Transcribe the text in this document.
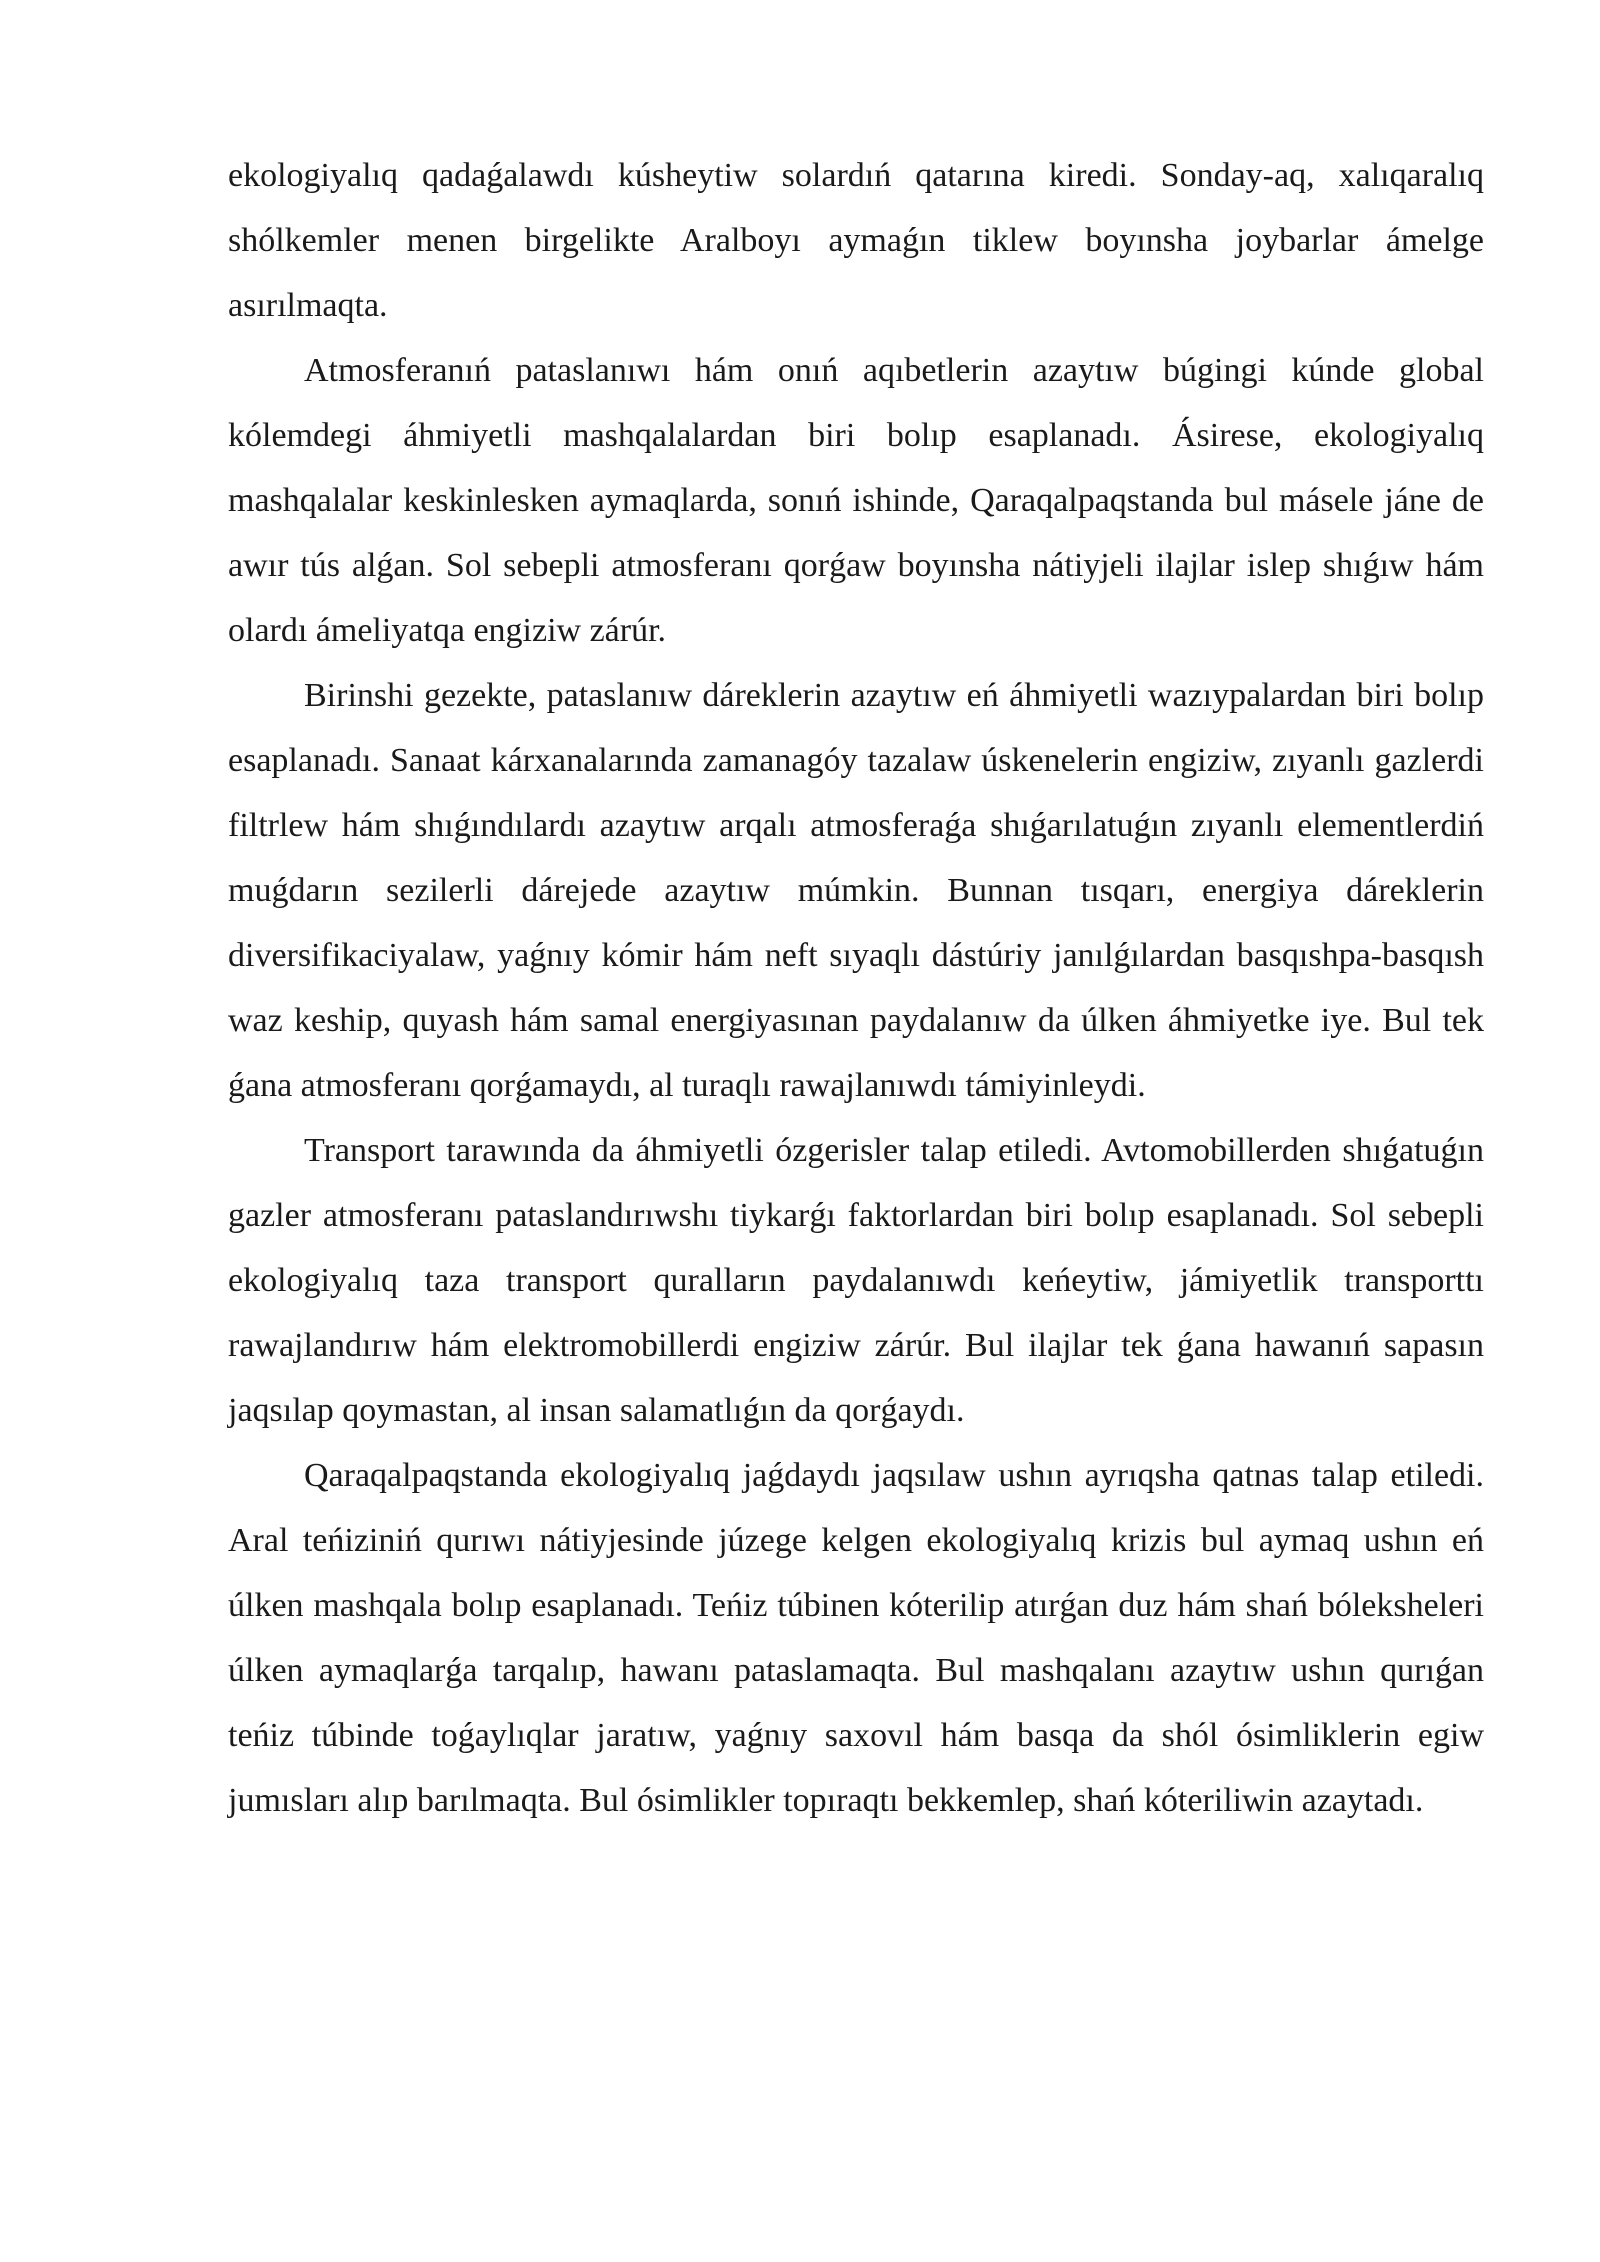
ekologiyalıq qadaǵalawdı kúsheytiw solardıń qatarına kiredi. Sonday-aq, xalıqaralıq shólkemler menen birgelikte Aralboyı aymaǵın tiklew boyınsha joybarlar ámelge asırılmaqta.

Atmosferanıń pataslanıwı hám onıń aqıbetlerin azaytıw búgingi kúnde global kólemdegi áhmiyetli mashqalalardan biri bolıp esaplanadı. Ásirese, ekologiyalıq mashqalalar keskinlesken aymaqlarda, sonıń ishinde, Qaraqalpaqstanda bul másele jáne de awır tús alǵan. Sol sebepli atmosferanı qorǵaw boyınsha nátiyjeli ilajlar islep shıǵıw hám olardı ámeliyatqa engiziw zárúr.

Birinshi gezekte, pataslanıw dáreklerin azaytıw eń áhmiyetli wazıypalardan biri bolıp esaplanadı. Sanaat kárxanalarında zamanagóy tazalaw úskenelerin engiziw, zıyanlı gazlerdi filtrlew hám shıǵındılardı azaytıw arqalı atmosferaǵa shıǵarılatuǵın zıyanlı elementlerdiń muǵdarın sezilerli dárejede azaytıw múmkin. Bunnan tısqarı, energiya dáreklerin diversifikaciyalaw, yaǵnıy kómir hám neft sıyaqlı dástúriy janılǵılardan basqıshpa-basqısh waz keship, quyash hám samal energiyasınan paydalanıw da úlken áhmiyetke iye. Bul tek ǵana atmosferanı qorǵamaydı, al turaqlı rawajlanıwdı támiyinleydi.

Transport tarawında da áhmiyetli ózgerisler talap etiledi. Avtomobillerden shıǵatuǵın gazler atmosferanı pataslandırıwshı tiykarǵı faktorlardan biri bolıp esaplanadı. Sol sebepli ekologiyalıq taza transport quralların paydalanıwdı keńeytiw, jámiyetlik transporttı rawajlandırıw hám elektromobillerdi engiziw zárúr. Bul ilajlar tek ǵana hawanıń sapasın jaqsılap qoymastan, al insan salamatlıǵın da qorǵaydı.

Qaraqalpaqstanda ekologiyalıq jaǵdaydı jaqsılaw ushın ayrıqsha qatnas talap etiledi. Aral teńiziniń qurıwı nátiyjesinde júzege kelgen ekologiyalıq krizis bul aymaq ushın eń úlken mashqala bolıp esaplanadı. Teńiz túbinen kóterilip atırǵan duz hám shań bóleksheleri úlken aymaqlarǵa tarqalıp, hawanı pataslamaqta. Bul mashqalanı azaytıw ushın qurıǵan teńiz túbinde toǵaylıqlar jaratıw, yaǵnıy saxovıl hám basqa da shól ósimliklerin egiw jumısları alıp barılmaqta. Bul ósimlikler topıraqtı bekkemlep, shań kóteriliwin azaytadı.
